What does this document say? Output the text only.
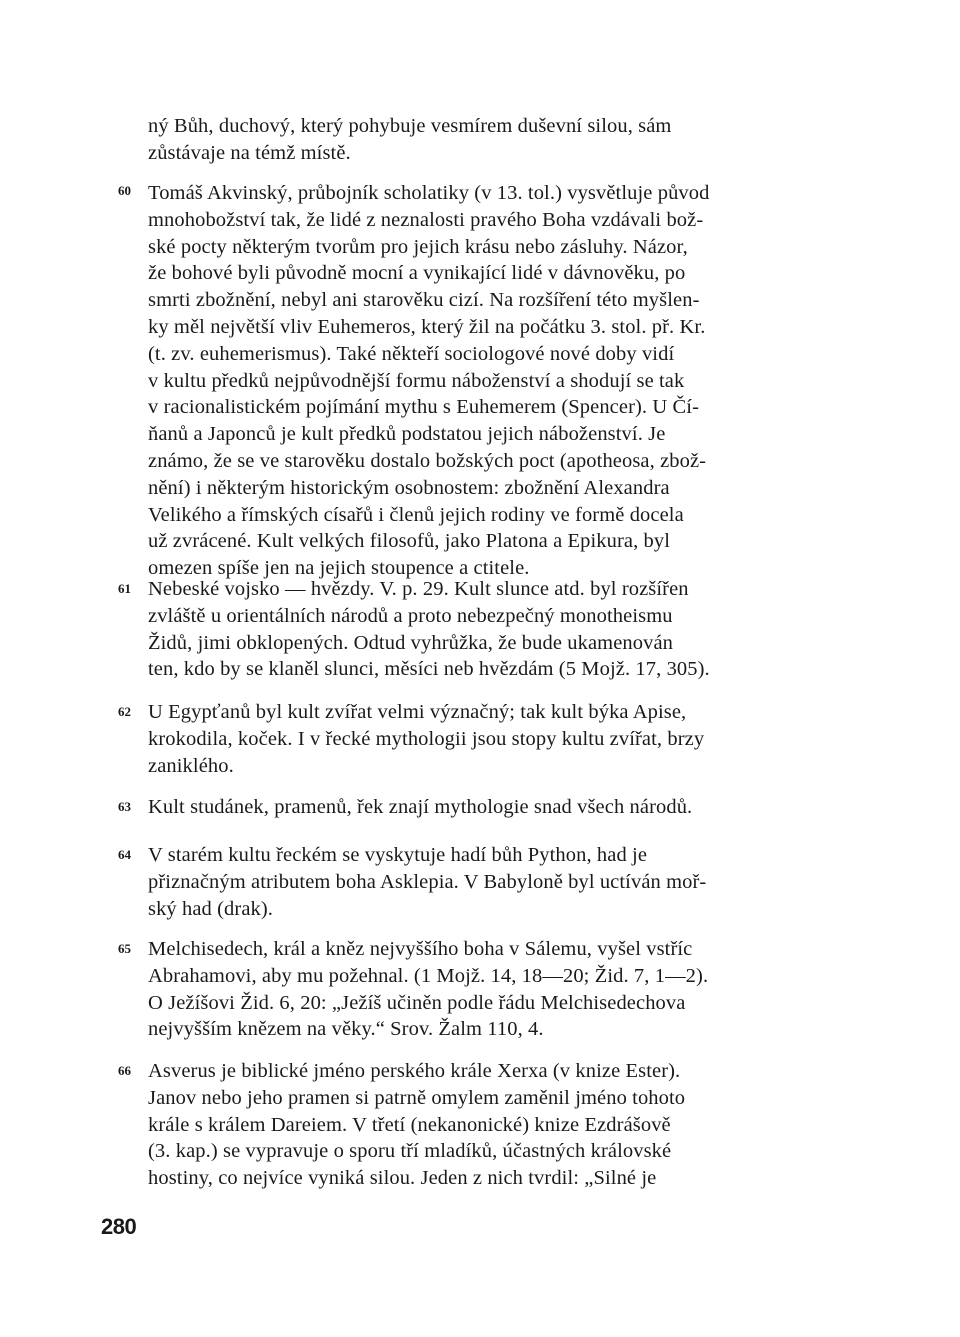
ný Bůh, duchový, který pohybuje vesmírem duševní silou, sám
zůstávaje na témž místě.
60 Tomáš Akvinský, průbojník scholatiky (v 13. tol.) vysvětluje původ
mnohobožství tak, že lidé z neznalosti pravého Boha vzdávali bož-
ské pocty některým tvorům pro jejich krásu nebo zásluhy. Názor,
že bohové byli původně mocní a vynikající lidé v dávnověku, po
smrti zbožnění, nebyl ani starověku cizí. Na rozšíření této myšlen-
ky měl největší vliv Euhemeros, který žil na počátku 3. stol. př. Kr.
(t. zv. euhemerismus). Také někteří sociologové nové doby vidí
v kultu předků nejpůvodnější formu náboženství a shodují se tak
v racionalistickém pojímání mythu s Euhemerem (Spencer). U Čí-
ňanů a Japonců je kult předků podstatou jejich náboženství. Je
známo, že se ve starověku dostalo božských poct (apotheosa, zbož-
nění) i některým historickým osobnostem: zbožnění Alexandra
Velikého a římských císařů i členů jejich rodiny ve formě docela
už zvrácené. Kult velkých filosofů, jako Platona a Epikura, byl
omezen spíše jen na jejich stoupence a ctitele.
61 Nebeské vojsko — hvězdy. V. p. 29. Kult slunce atd. byl rozšířen
zvláště u orientálních národů a proto nebezpečný monotheismu
Židů, jimi obklopených. Odtud vyhrůžka, že bude ukamenován
ten, kdo by se klaněl slunci, měsíci neb hvězdám (5 Mojž. 17, 305).
62 U Egypťanů byl kult zvířat velmi význačný; tak kult býka Apise,
krokodila, koček. I v řecké mythologii jsou stopy kultu zvířat, brzy
zaniklého.
63 Kult studánek, pramenů, řek znají mythologie snad všech národů.
64 V starém kultu řeckém se vyskytuje hadí bůh Python, had je
přiznačným atributem boha Asklepia. V Babyloně byl uctíván moř-
ský had (drak).
65 Melchisedech, král a kněz nejvyššího boha v Sálemu, vyšel vstříc
Abrahamovi, aby mu požehnal. (1 Mojž. 14, 18—20; Žid. 7, 1—2).
O Ježíšovi Žid. 6, 20: „Ježíš učiněn podle řádu Melchisedechova
nejvyšším knězem na věky.“ Srov. Žalm 110, 4.
66 Asverus je biblické jméno perského krále Xerxa (v knize Ester).
Janov nebo jeho pramen si patrně omylem zaměnil jméno tohoto
krále s králem Dareiem. V třetí (nekanonické) knize Ezdrášově
(3. kap.) se vypravuje o sporu tří mladíků, účastných královské
hostiny, co nejvíce vyniká silou. Jeden z nich tvrdil: „Silné je
280
